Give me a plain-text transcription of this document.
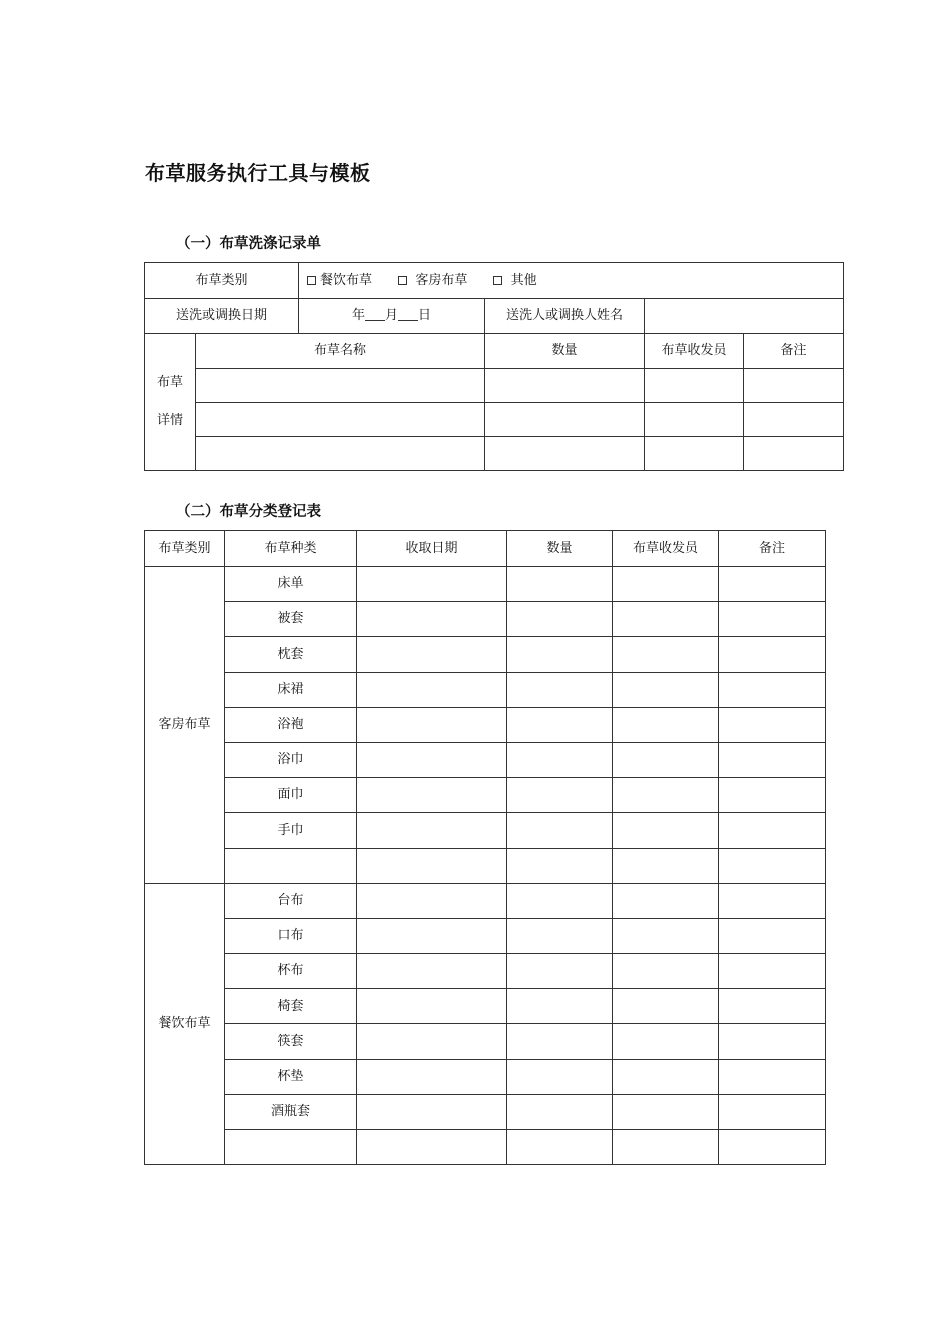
布草服务执行工具与模板
（一）布草洗涤记录单
布草类别		餐饮布草 客房布草 其他			
送洗或调换日期		年 月 日	送洗人或调换人姓名		

布草
详情	布草名称		数量	布草收发员	备注

（二）布草分类登记表
布草类别	布草种类	收取日期	数量	布草收发员	备注
客房布草	床单				
	被套				
	枕套				
	床裙				
	浴袍				
	浴巾				
	面巾				
	手巾				

餐饮布草	台布				
	口布				
	杯布				
	椅套				
	筷套				
	杯垫				
	酒瓶套				
